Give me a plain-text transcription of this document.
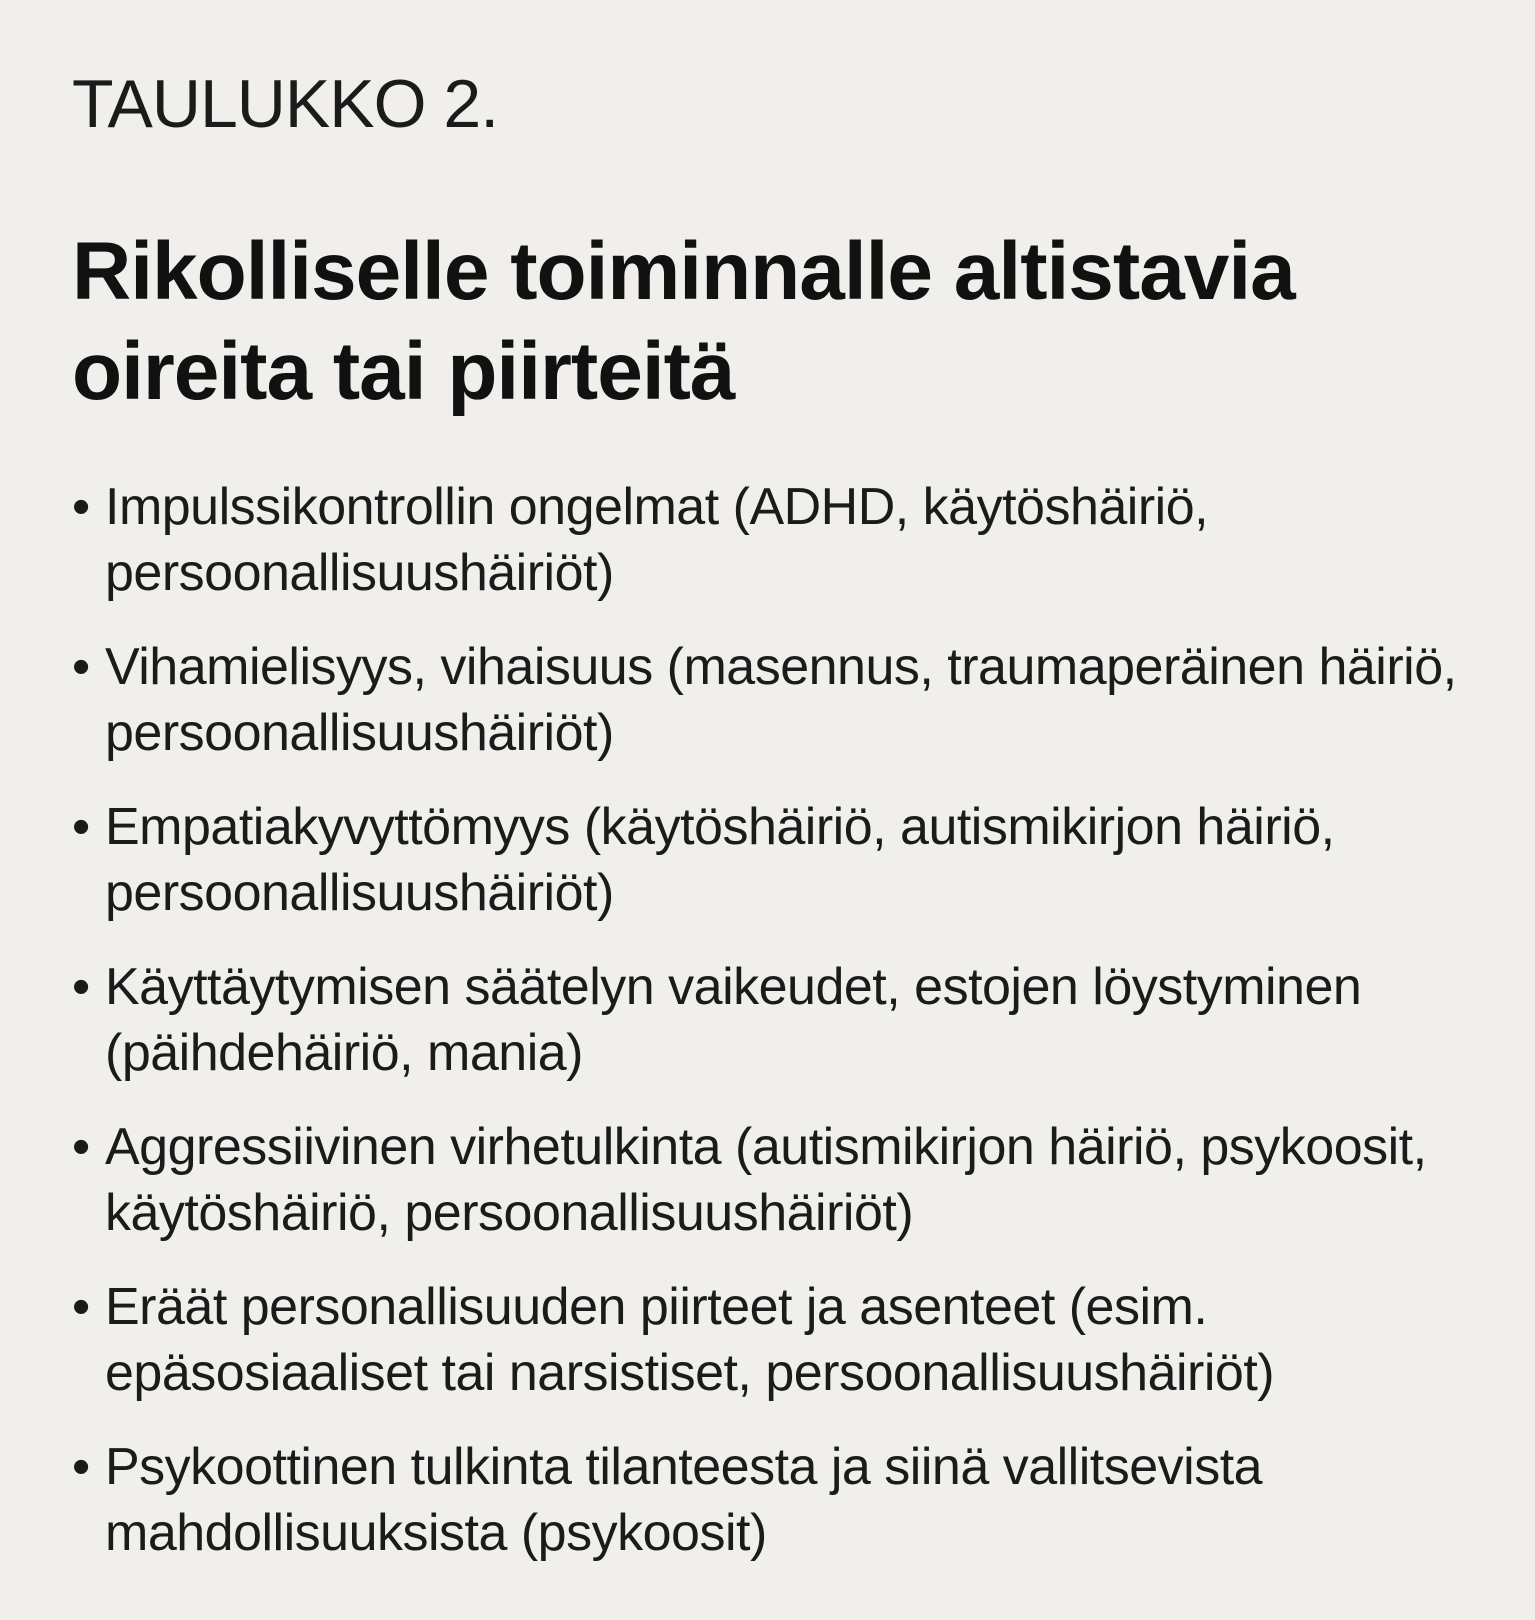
TAULUKKO 2.
Rikolliselle toiminnalle altistavia oireita tai piirteitä
• Impulssikontrollin ongelmat (ADHD, käytöshäiriö, persoonallisuushäiriöt)
• Vihamielisyys, vihaisuus (masennus, traumaperäinen häiriö, persoonallisuushäiriöt)
• Empatiakyvyttömyys (käytöshäiriö, autismikirjon häiriö, persoonallisuushäiriöt)
• Käyttäytymisen säätelyn vaikeudet, estojen löystyminen (päihdehäiriö, mania)
• Aggressiivinen virhetulkinta (autismikirjon häiriö, psykoosit, käytöshäiriö, persoonallisuushäiriöt)
• Eräät personallisuuden piirteet ja asenteet (esim. epäsosiaaliset tai narsistiset, persoonallisuushäiriöt)
• Psykoottinen tulkinta tilanteesta ja siinä vallitsevista mahdollisuuksista (psykoosit)
